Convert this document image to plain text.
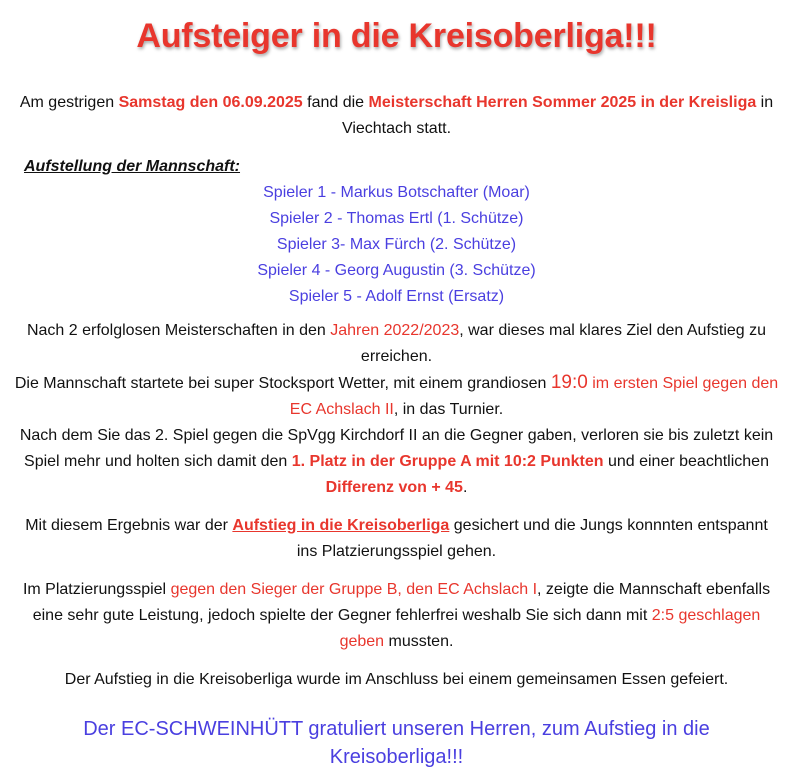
Aufsteiger in die Kreisoberliga!!!

Am gestrigen Samstag den 06.09.2025 fand die Meisterschaft Herren Sommer 2025 in der Kreisliga in Viechtach statt.

Aufstellung der Mannschaft:

Spieler 1 - Markus Botschafter (Moar)
Spieler 2 - Thomas Ertl (1. Schütze)
Spieler 3- Max Fürch (2. Schütze)
Spieler 4 - Georg Augustin (3. Schütze)
Spieler 5 - Adolf Ernst (Ersatz)

Nach 2 erfolglosen Meisterschaften in den Jahren 2022/2023, war dieses mal klares Ziel den Aufstieg zu erreichen.

Die Mannschaft startete bei super Stocksport Wetter, mit einem grandiosen 19:0 im ersten Spiel gegen den EC Achslach II, in das Turnier.

Nach dem Sie das 2. Spiel gegen die SpVgg Kirchdorf II an die Gegner gaben, verloren sie bis zuletzt kein Spiel mehr und holten sich damit den 1. Platz in der Gruppe A mit 10:2 Punkten und einer beachtlichen Differenz von + 45.

Mit diesem Ergebnis war der Aufstieg in die Kreisoberliga gesichert und die Jungs konnnten entspannt ins Platzierungsspiel gehen.

Im Platzierungsspiel gegen den Sieger der Gruppe B, den EC Achslach I, zeigte die Mannschaft ebenfalls eine sehr gute Leistung, jedoch spielte der Gegner fehlerfrei weshalb Sie sich dann mit 2:5 geschlagen geben mussten.

Der Aufstieg in die Kreisoberliga wurde im Anschluss bei einem gemeinsamen Essen gefeiert.

Der EC-SCHWEINHÜTT gratuliert unseren Herren, zum Aufstieg in die Kreisoberliga!!!
